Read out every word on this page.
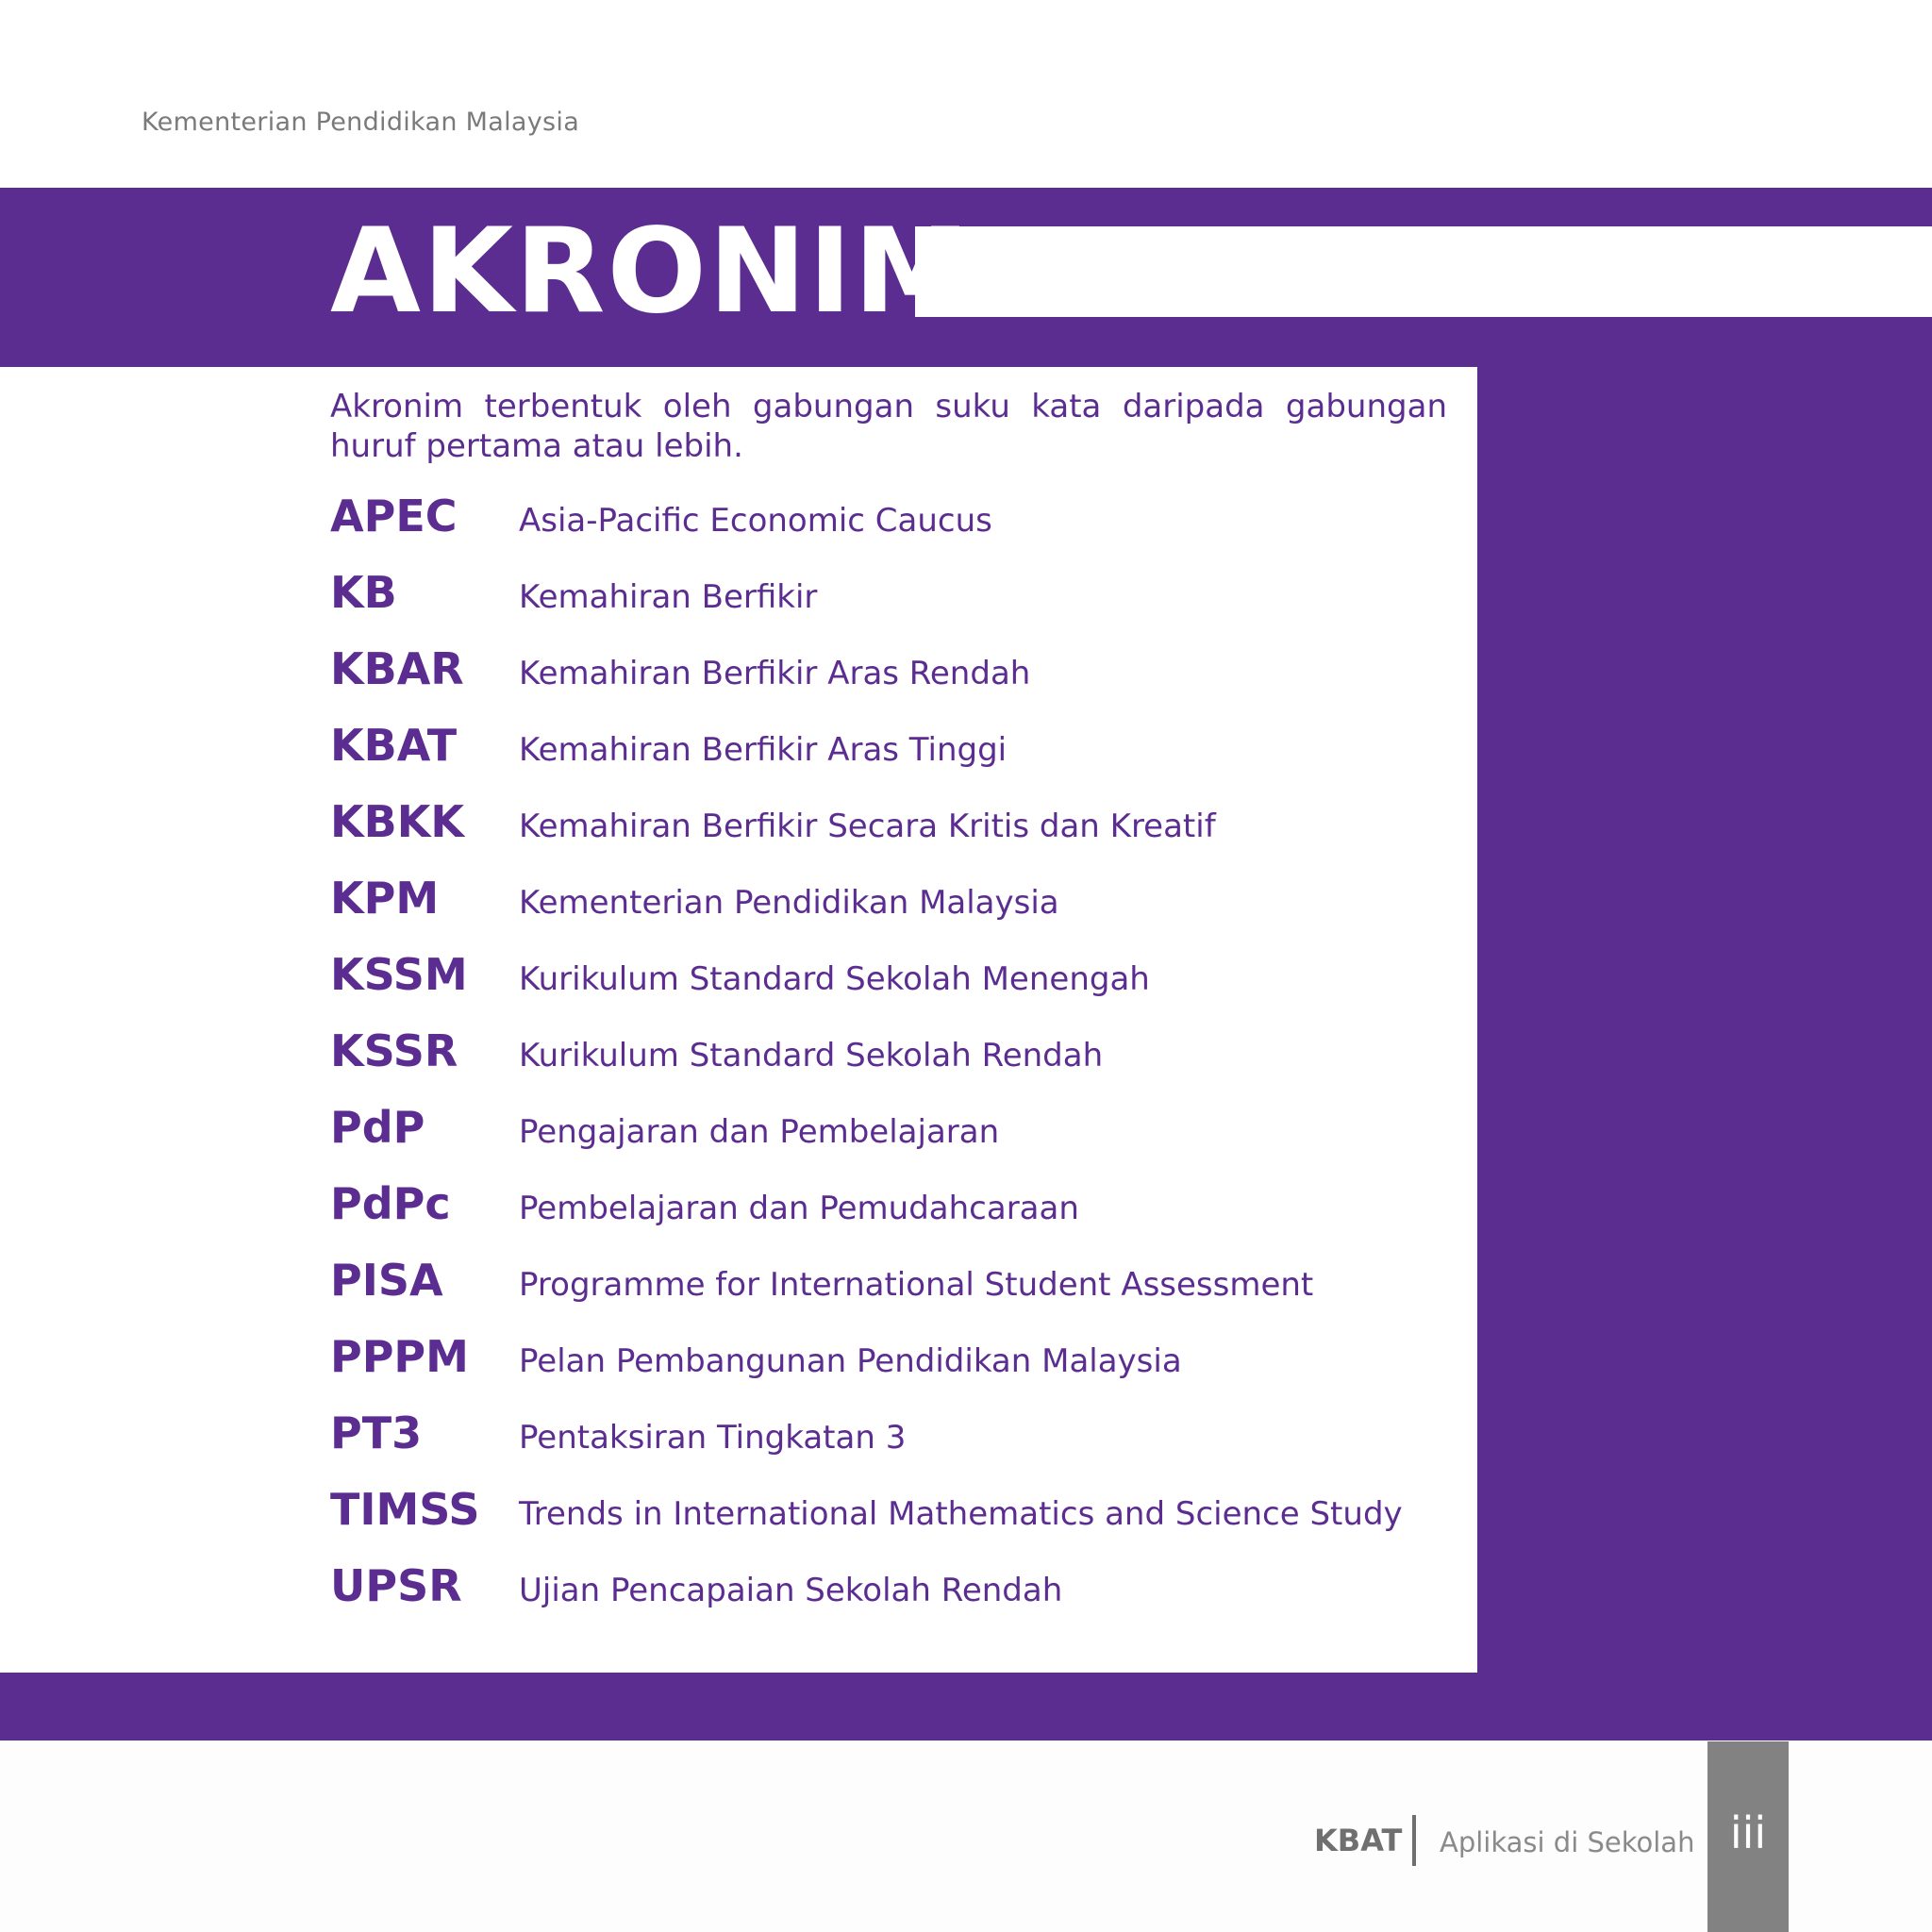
Kementerian Pendidikan Malaysia
AKRONIM
Akronim terbentuk oleh gabungan suku kata daripada gabungan huruf pertama atau lebih.
APEC	Asia-Pacific Economic Caucus
KB	Kemahiran Berfikir
KBAR	Kemahiran Berfikir Aras Rendah
KBAT	Kemahiran Berfikir Aras Tinggi
KBKK	Kemahiran Berfikir Secara Kritis dan Kreatif
KPM	Kementerian Pendidikan Malaysia
KSSM	Kurikulum Standard Sekolah Menengah
KSSR	Kurikulum Standard Sekolah Rendah
PdP	Pengajaran dan Pembelajaran
PdPc	Pembelajaran dan Pemudahcaraan
PISA	Programme for International Student Assessment
PPPM	Pelan Pembangunan Pendidikan Malaysia
PT3	Pentaksiran Tingkatan 3
TIMSS	Trends in International Mathematics and Science Study
UPSR	Ujian Pencapaian Sekolah Rendah
KBAT Aplikasi di Sekolah iii
